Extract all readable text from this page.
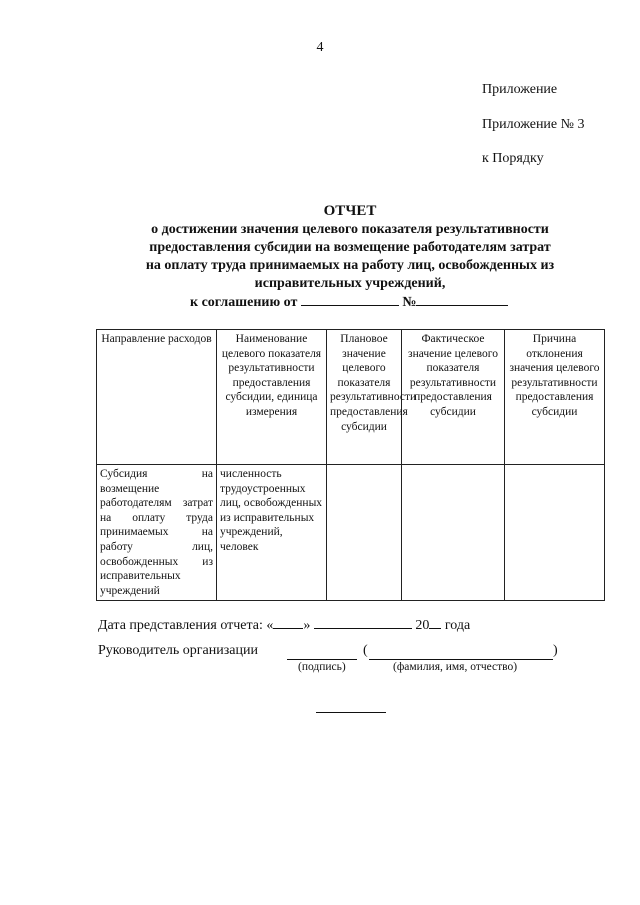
4
Приложение
Приложение № 3
к Порядку
ОТЧЕТ
о достижении значения целевого показателя результативности
предоставления субсидии на возмещение работодателям затрат
на оплату труда принимаемых на работу лиц, освобожденных из
исправительных учреждений,
к соглашению от	№
Направление расходов	Наименование целевого показателя результативности предоставления субсидии, единица измерения	Плановое значение целевого показателя результативности предоставления субсидии	Фактическое значение целевого показателя результативности предоставления субсидии	Причина отклонения значения целевого результативности предоставления субсидии
Субсидия на возмещение работодателям затрат на оплату труда принимаемых на работу лиц, освобожденных из исправительных учреждений	численность трудоустроенных лиц, освобожденных из исправительных учреждений, человек			
Дата представления отчета: « »	20 года
Руководитель организации	(	)
(подпись)	(фамилия, имя, отчество)
